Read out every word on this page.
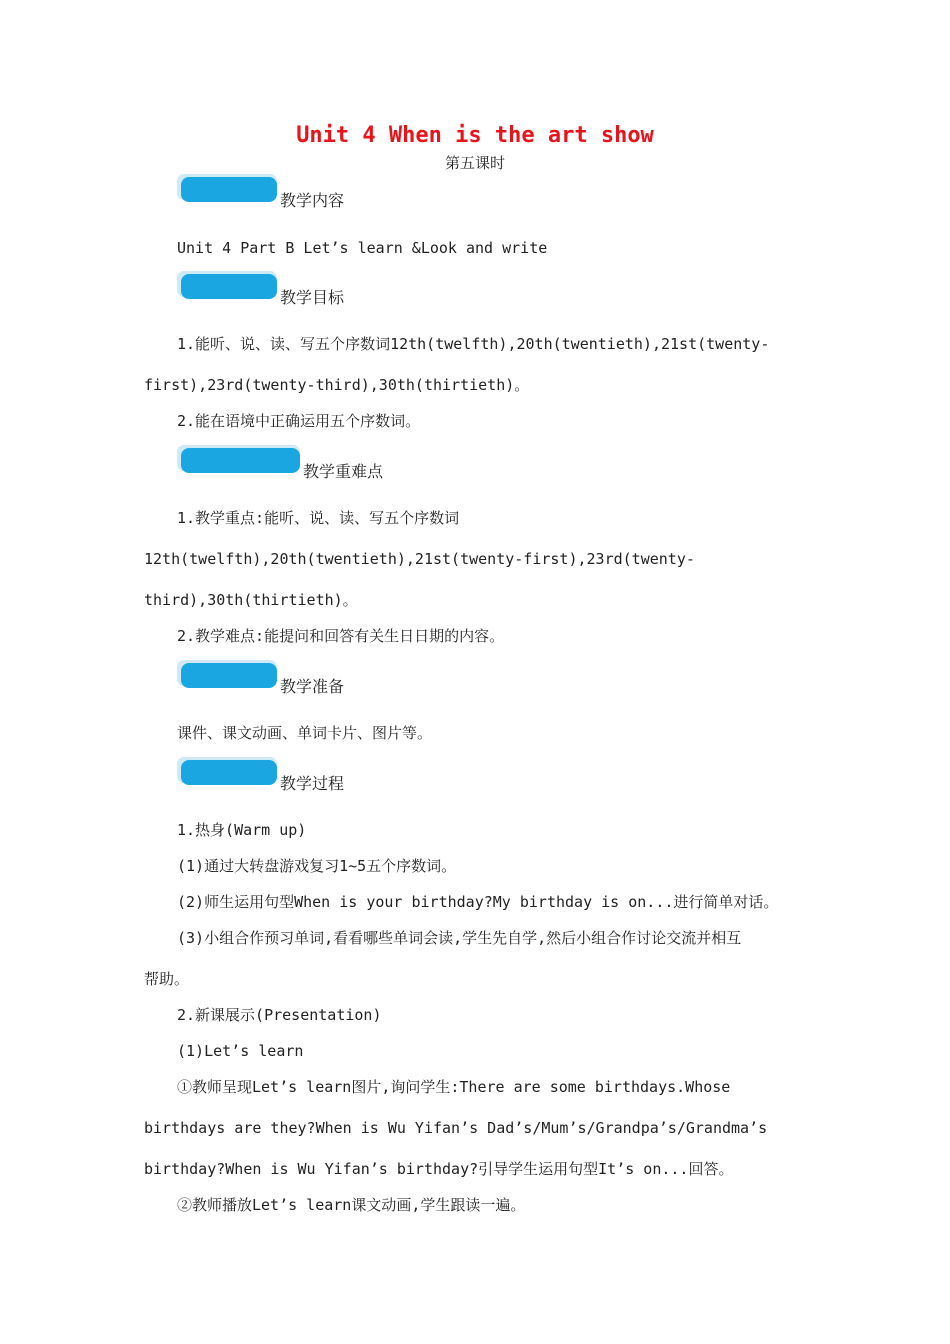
Unit 4 When is the art show
第五课时
教学内容
Unit 4 Part B Let’s learn &Look and write
教学目标
1.能听、说、读、写五个序数词12th(twelfth),20th(twentieth),21st(twenty-
first),23rd(twenty-third),30th(thirtieth)。
2.能在语境中正确运用五个序数词。
教学重难点
1.教学重点:能听、说、读、写五个序数词
12th(twelfth),20th(twentieth),21st(twenty-first),23rd(twenty-
third),30th(thirtieth)。
2.教学难点:能提问和回答有关生日日期的内容。
教学准备
课件、课文动画、单词卡片、图片等。
教学过程
1.热身(Warm up)
(1)通过大转盘游戏复习1~5五个序数词。
(2)师生运用句型When is your birthday?My birthday is on...进行简单对话。
(3)小组合作预习单词,看看哪些单词会读,学生先自学,然后小组合作讨论交流并相互
帮助。
2.新课展示(Presentation)
(1)Let’s learn
①教师呈现Let’s learn图片,询问学生:There are some birthdays.Whose
birthdays are they?When is Wu Yifan’s Dad’s/Mum’s/Grandpa’s/Grandma’s
birthday?When is Wu Yifan’s birthday?引导学生运用句型It’s on...回答。
②教师播放Let’s learn课文动画,学生跟读一遍。
